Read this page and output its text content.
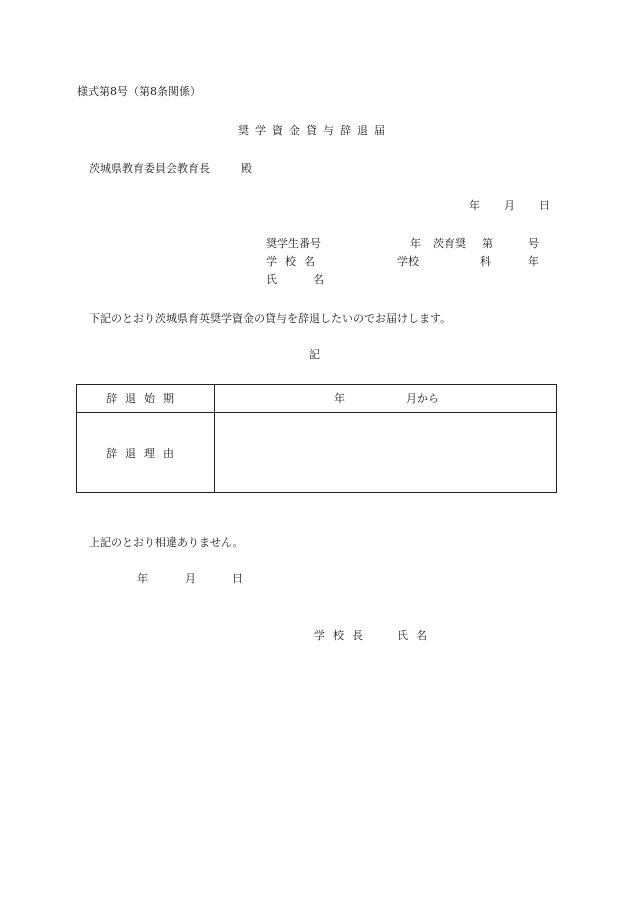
様式第8号（第8条関係）
奨学資金貸与辞退届
茨城県教育委員会教育長	殿
年 月 日
奨学生番号	年 茨育奨 第	号
学校名	学校	科	年
氏名
下記のとおり茨城県育英奨学資金の貸与を辞退したいのでお届けします。
記
辞退始期	年	月から
辞退理由
上記のとおり相違ありません。
年	月	日
学校長 氏名
